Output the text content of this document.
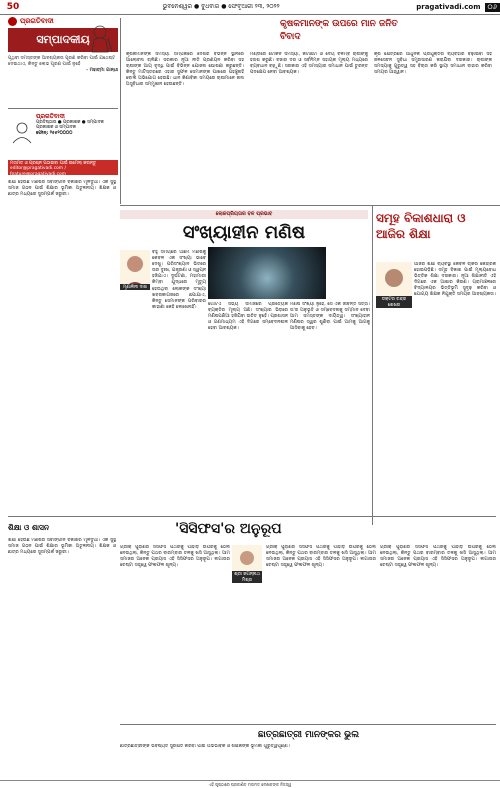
50	ଭୁବନେଶ୍ୱର ● ବୁଧବାର ● ଫେବୃଆରୀ ୨୩, ୨୦୨୨	pragativadi.com	୦୬
ପ୍ରଗତିବାଦୀ
ସମ୍ପାଦକୀୟ
ପୃଥିବୀ ସମସ୍ତଙ୍କ ଆବଶ୍ୟକତା ପୂରଣ କରିବା ପାଇଁ ଯଥେଷ୍ଟ ଦେଇଥାଏ, କିନ୍ତୁ ଲୋଭ ପୂରଣ ପାଇଁ ନୁହେଁ
- ମହାତ୍ମା ଗାନ୍ଧୀ
ପ୍ରଗତିବାଦୀ
ପ୍ରତିଷ୍ଠାତା ● ପ୍ରକାଶକ ● ସମ୍ପାଦକ
ପ୍ରକାଶକ ଓ ସମ୍ପାଦକ
ଫୋନ୍: ୨୫୫୨୦୦୦୦
ମତାମତ ଓ ପ୍ରଶ୍ନ ପଠାଇବା ପାଇଁ ଇମେଲ୍ କରନ୍ତୁ
editor@pragativadi.com / feature@pragativadi.com
କୃଷକମାନଙ୍କ ଉପରେ ମାନ ଜନିତ ବିବାଦ
କୃଷକମାନଙ୍କ ସମସ୍ୟା ସମ୍ପର୍କରେ ଦେଶର ବିଭିନ୍ନ ସ୍ଥାନରେ ଆଲୋଚନା ଚାଲିଛି। ସରକାର ନୂଆ ନୀତି ପ୍ରଣୟନ କରିବା ସହ ଚାଷୀଙ୍କ ଆୟ ବୃଦ୍ଧି ପାଇଁ ବିଭିନ୍ନ ଯୋଜନା ଘୋଷଣା କରୁଛନ୍ତି। କିନ୍ତୁ ମାଟିସ୍ତରରେ ଏହାର ସୁଫଳ ସେମାନଙ୍କ ପାଖରେ ପହଞ୍ଚୁନାହିଁ ବୋଲି ଅଭିଯୋଗ ହେଉଛି। ଧାନ କିଣାବିକା ସମୟରେ ଚାଷୀମାନେ ନାନା ଅସୁବିଧାର ସମ୍ମୁଖୀନ ହେଉଛନ୍ତି।
ମଣ୍ଡିରେ ଟୋକନ ସମସ୍ୟା, କଟାଛଟା ଓ ଦେୟ ବିଳମ୍ବ ଚାଷୀଙ୍କୁ ହତାଶ କରୁଛି। ବଜାର ଦର ଓ ସର୍ବନିମ୍ନ ସହାୟକ ମୂଲ୍ୟ ମଧ୍ୟରେ ବ୍ୟବଧାନ ବଢ଼ୁଛି। ସରକାର ଏହି ସମସ୍ୟାର ସମାଧାନ ପାଇଁ ତୁରନ୍ତ ପଦକ୍ଷେପ ନେବା ଆବଶ୍ୟକ।
କୃଷି କ୍ଷେତ୍ରରେ ଆଧୁନିକ ପ୍ରଯୁକ୍ତିର ବ୍ୟବହାର ବଢ଼ାଇବା ସହ ଜଳସେଚନ ସୁବିଧା ସମ୍ପ୍ରସାରଣ କରାଯିବା ଦରକାର। ଚାଷୀଙ୍କ ସମସ୍ୟାକୁ ଗୁରୁତ୍ୱ ସହ ବିଚାର କରି ସ୍ଥାୟୀ ସମାଧାନ ବାହାର କରିବା ସମୟର ଆହ୍ୱାନ।
ଲୋକପ୍ରିୟତାର ବଳ ପ୍ରଭାବ
ସଂଖ୍ୟାହୀନ ମଣିଷ
ମୃଣାଳିନୀ ଦାଶ
ବହୁ ସମୟରେ ଆମେ ମଣିଷକୁ କେବଳ ଏକ ସଂଖ୍ୟା ଭାବେ ଦେଖୁ। ପରିସଂଖ୍ୟାନ ଭିତରେ ତାର ଦୁଃଖ, ଯନ୍ତ୍ରଣା ଓ ସ୍ୱପ୍ନ ହଜିଯାଏ। ଦୁର୍ଘଟଣା, ମହାମାରୀ କିମ୍ବା ଯୁଦ୍ଧରେ ମୃତ୍ୟୁ ହେଉଥିବା ଲୋକଙ୍କ ସଂଖ୍ୟା ଖବରକାଗଜରେ ଛପାଯାଏ, କିନ୍ତୁ ସେମାନଙ୍କ ପରିବାରର କାହାଣୀ କେହି ଲେଖେନାହିଁ।
ଗୋଟିଏ ସଭ୍ୟ ସମାଜରେ ପ୍ରତ୍ୟେକ ବ୍ୟକ୍ତିର ମୂଲ୍ୟ ଅଛି। ସଂଖ୍ୟାର ଭିଡ଼ରେ ମଣିଷପଣିଆ ହଜିଯିବା ଉଚିତ ନୁହେଁ। ପ୍ରଶାସନ ଓ ଗଣମାଧ୍ୟମ ଏହି ଦିଗରେ ସମ୍ବେଦନଶୀଳ ହେବା ଆବଶ୍ୟକ।
ମଣିଷ ସଂଖ୍ୟା ନୁହେଁ, ସେ ଏକ ଜୀବନ୍ତ ସତ୍ତା। ତା'ର ଅନୁଭୂତି ଓ ସମ୍ବେଦନାକୁ ସମ୍ମାନ ଦେବା ଆମ ସମସ୍ତଙ୍କ ଦାୟିତ୍ୱ। ସଂଖ୍ୟାହୀନ ମଣିଷର ସ୍ୱର ଶୁଣିବା ପାଇଁ ଆମକୁ ଆଗକୁ ଆସିବାକୁ ହେବ।
ଶିକ୍ଷା ହେଉଛି ମଣିଷର ସର୍ବାଙ୍ଗୀନ ବିକାଶର ମୂଳଦୁଆ। ଏକ ସୁସ୍ଥ ସମାଜ ଗଠନ ପାଇଁ ଶିକ୍ଷାର ଭୂମିକା ଅତୁଳନୀୟ। ଶିକ୍ଷକ ଓ ଛାତ୍ର ମଧ୍ୟରେ ସୁସମ୍ପର୍କ ଜରୁରୀ।
ସମୂହ ବିକାଶଧାରା ଓ ଆଜିର ଶିକ୍ଷା
ଡକ୍ଟର ଚନ୍ଦ୍ର ଶେଖର
ଆଜିର ଶିକ୍ଷା ବ୍ୟବସ୍ଥା କେବଳ ଚାକିରି କେନ୍ଦ୍ରିକ ହୋଇପଡ଼ିଛି। ସମୂହ ବିକାଶ ପାଇଁ ମୂଲ୍ୟବୋଧ ଭିତ୍ତିକ ଶିକ୍ଷା ଦରକାର। ନୂଆ ଶିକ୍ଷାନୀତି ଏହି ଦିଗରେ ଏକ ଆଶାର କିରଣ। ଗ୍ରାମାଞ୍ଚଳରେ ବିଦ୍ୟାଳୟର ଭିତ୍ତିଭୂମି ସୁଦୃଢ଼ କରିବା ଓ ଯୋଗ୍ୟ ଶିକ୍ଷକ ନିଯୁକ୍ତି ସମୟର ଆବଶ୍ୟକତା।
ଶିକ୍ଷା ଓ ଶାସନ	'ସିସିଫସ'ର ଅନୁରୂପ
ଶ୍ରୀ ଜଗନ୍ନାଥ ମିଶ୍ର
ଶିକ୍ଷା ହେଉଛି ମଣିଷର ସର୍ବାଙ୍ଗୀନ ବିକାଶର ମୂଳଦୁଆ। ଏକ ସୁସ୍ଥ ସମାଜ ଗଠନ ପାଇଁ ଶିକ୍ଷାର ଭୂମିକା ଅତୁଳନୀୟ। ଶିକ୍ଷକ ଓ ଛାତ୍ର ମଧ୍ୟରେ ସୁସମ୍ପର୍କ ଜରୁରୀ।
ଗ୍ରୀକ୍ ପୁରାଣର ସିସିଫସ ପଥରକୁ ପାହାଡ଼ ଉପରକୁ ଠେଲି ନେଉଥିଲା, କିନ୍ତୁ ପଥର ବାରମ୍ବାର ତଳକୁ ଖସି ଆସୁଥିଲା। ଆମ ସମାଜର ଅନେକ ପ୍ରୟାସ ଏହି ସିସିଫସର ଅନୁରୂପ। ଲଗାତାର ଚେଷ୍ଟା ସତ୍ତ୍ୱେ ଫଳାଫଳ ଶୂନ୍ୟ।
ଗ୍ରୀକ୍ ପୁରାଣର ସିସିଫସ ପଥରକୁ ପାହାଡ଼ ଉପରକୁ ଠେଲି ନେଉଥିଲା, କିନ୍ତୁ ପଥର ବାରମ୍ବାର ତଳକୁ ଖସି ଆସୁଥିଲା। ଆମ ସମାଜର ଅନେକ ପ୍ରୟାସ ଏହି ସିସିଫସର ଅନୁରୂପ। ଲଗାତାର ଚେଷ୍ଟା ସତ୍ତ୍ୱେ ଫଳାଫଳ ଶୂନ୍ୟ।
ଗ୍ରୀକ୍ ପୁରାଣର ସିସିଫସ ପଥରକୁ ପାହାଡ଼ ଉପରକୁ ଠେଲି ନେଉଥିଲା, କିନ୍ତୁ ପଥର ବାରମ୍ବାର ତଳକୁ ଖସି ଆସୁଥିଲା। ଆମ ସମାଜର ଅନେକ ପ୍ରୟାସ ଏହି ସିସିଫସର ଅନୁରୂପ। ଲଗାତାର ଚେଷ୍ଟା ସତ୍ତ୍ୱେ ଫଳାଫଳ ଶୂନ୍ୟ।
ଛାତ୍ରଛାତ୍ରୀ ମାନଙ୍କର ଭୁଲ
ଛାତ୍ରଛାତ୍ରୀଙ୍କ ଭବିଷ୍ୟତ ସୁରକ୍ଷିତ କରିବା ପାଇଁ ଅଭିଭାବକ ଓ ଶିକ୍ଷକଙ୍କ ଭୂମିକା ଗୁରୁତ୍ୱପୂର୍ଣ୍ଣ।
ଏହି ପୃଷ୍ଠାରେ ପ୍ରକାଶିତ ମତାମତ ଲେଖକଙ୍କ ନିଜସ୍ୱ
